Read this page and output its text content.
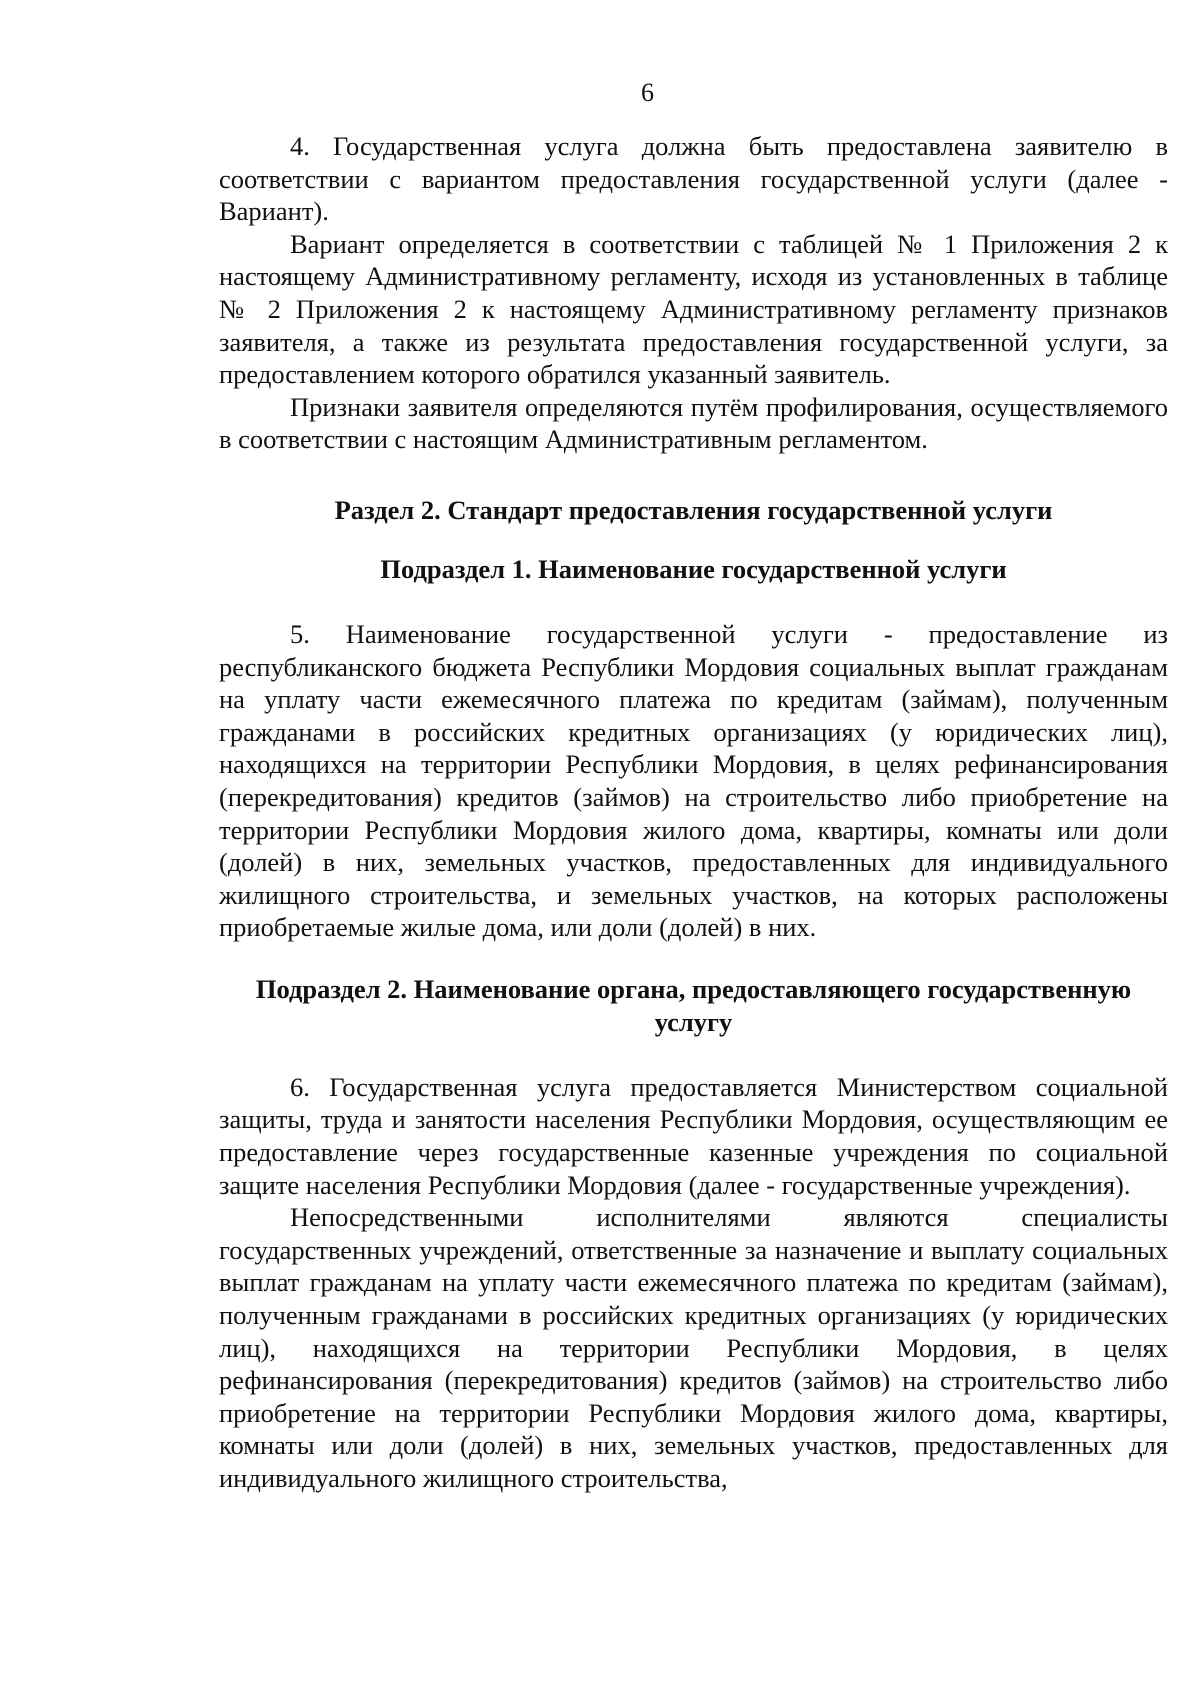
6

4. Государственная услуга должна быть предоставлена заявителю в соответствии с вариантом предоставления государственной услуги (далее - Вариант).

Вариант определяется в соответствии с таблицей № 1 Приложения 2 к настоящему Административному регламенту, исходя из установленных в таблице № 2 Приложения 2 к настоящему Административному регламенту признаков заявителя, а также из результата предоставления государственной услуги, за предоставлением которого обратился указанный заявитель.

Признаки заявителя определяются путём профилирования, осуществляемого в соответствии с настоящим Административным регламентом.

Раздел 2. Стандарт предоставления государственной услуги

Подраздел 1. Наименование государственной услуги

5. Наименование государственной услуги - предоставление из республиканского бюджета Республики Мордовия социальных выплат гражданам на уплату части ежемесячного платежа по кредитам (займам), полученным гражданами в российских кредитных организациях (у юридических лиц), находящихся на территории Республики Мордовия, в целях рефинансирования (перекредитования) кредитов (займов) на строительство либо приобретение на территории Республики Мордовия жилого дома, квартиры, комнаты или доли (долей) в них, земельных участков, предоставленных для индивидуального жилищного строительства, и земельных участков, на которых расположены приобретаемые жилые дома, или доли (долей) в них.

Подраздел 2. Наименование органа, предоставляющего государственную услугу

6. Государственная услуга предоставляется Министерством социальной защиты, труда и занятости населения Республики Мордовия, осуществляющим ее предоставление через государственные казенные учреждения по социальной защите населения Республики Мордовия (далее - государственные учреждения).

Непосредственными исполнителями являются специалисты государственных учреждений, ответственные за назначение и выплату социальных выплат гражданам на уплату части ежемесячного платежа по кредитам (займам), полученным гражданами в российских кредитных организациях (у юридических лиц), находящихся на территории Республики Мордовия, в целях рефинансирования (перекредитования) кредитов (займов) на строительство либо приобретение на территории Республики Мордовия жилого дома, квартиры, комнаты или доли (долей) в них, земельных участков, предоставленных для индивидуального жилищного строительства,
